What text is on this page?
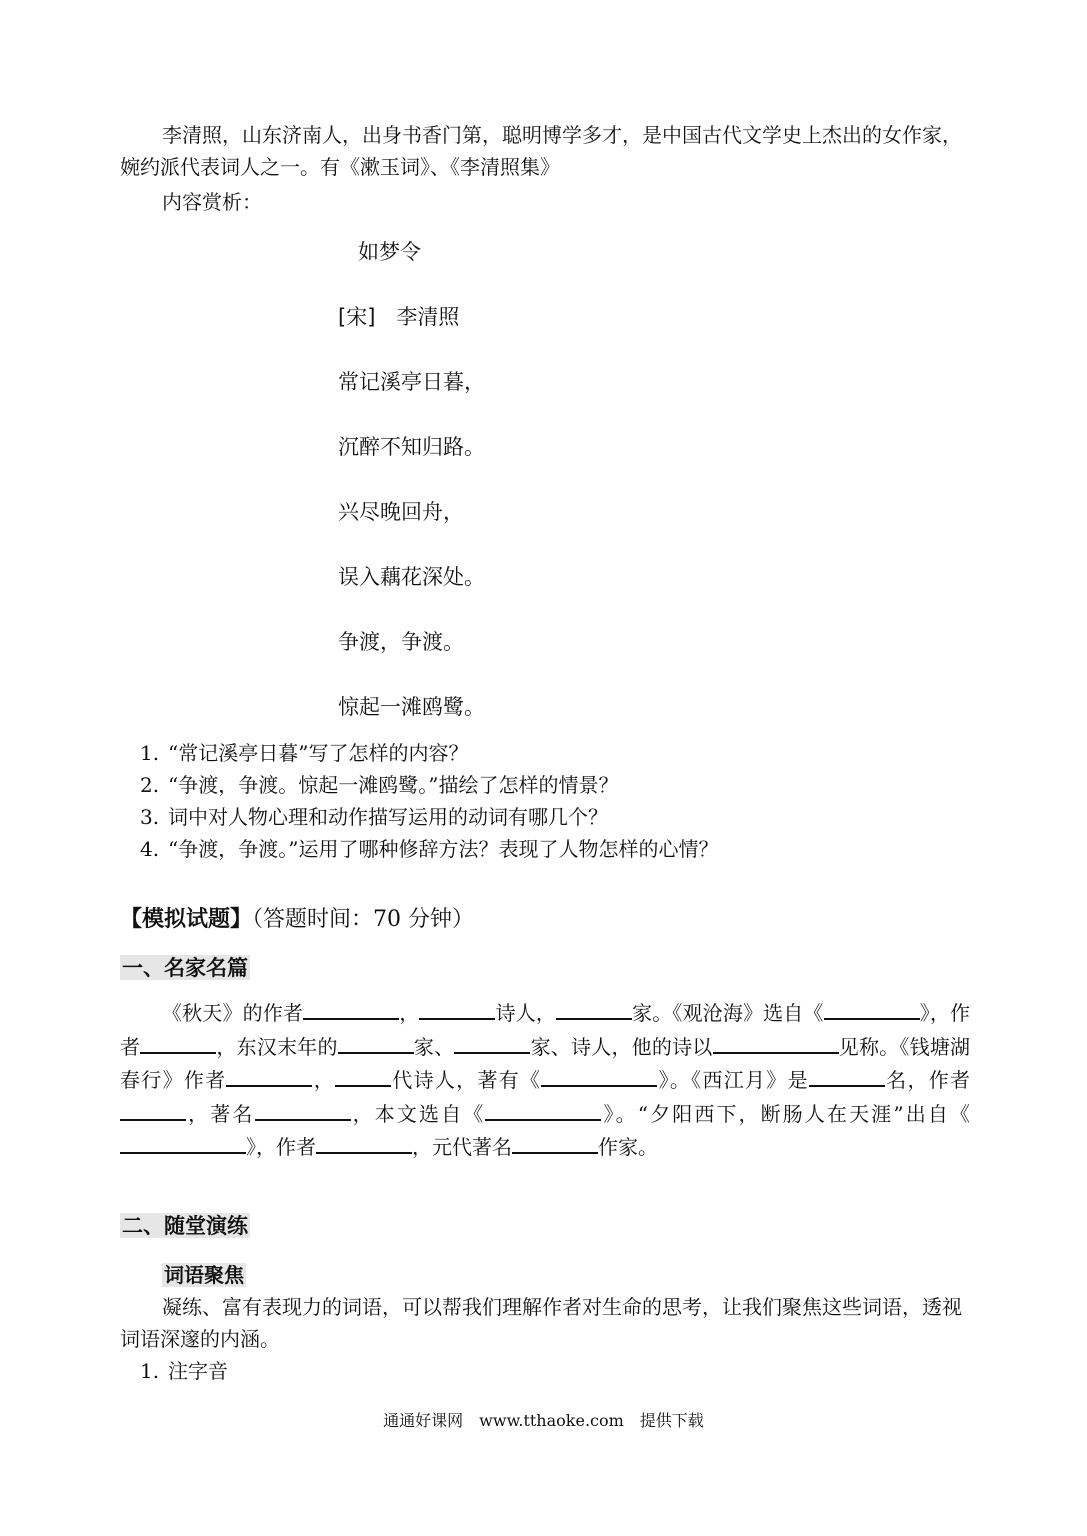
李清照，山东济南人，出身书香门第，聪明博学多才，是中国古代文学史上杰出的女作家，婉约派代表词人之一。有《漱玉词》、《李清照集》
内容赏析：
如梦令
[宋]　李清照
常记溪亭日暮，
沉醉不知归路。
兴尽晚回舟，
误入藕花深处。
争渡，争渡。
惊起一滩鸥鹭。
1. “常记溪亭日暮”写了怎样的内容？
2. “争渡，争渡。惊起一滩鸥鹭。”描绘了怎样的情景？
3. 词中对人物心理和动作描写运用的动词有哪几个？
4. “争渡，争渡。”运用了哪种修辞方法？表现了人物怎样的心情？
【模拟试题】（答题时间：70 分钟）
一、名家名篇
《秋天》的作者	，	诗人，	家。《观沧海》选自《	》，作者	，东汉末年的	家、	家、诗人，他的诗以	见称。《钱塘湖春行》作者	，	代诗人，著有《	》。《西江月》是	名，作者，著名	，本文选自《	》。“夕阳西下，断肠人在天涯”出自《》，作者	，元代著名	作家。
二、随堂演练
词语聚焦
凝练、富有表现力的词语，可以帮我们理解作者对生命的思考，让我们聚焦这些词语，透视词语深邃的内涵。
1. 注字音
通通好课网　www.tthaoke.com　提供下载
